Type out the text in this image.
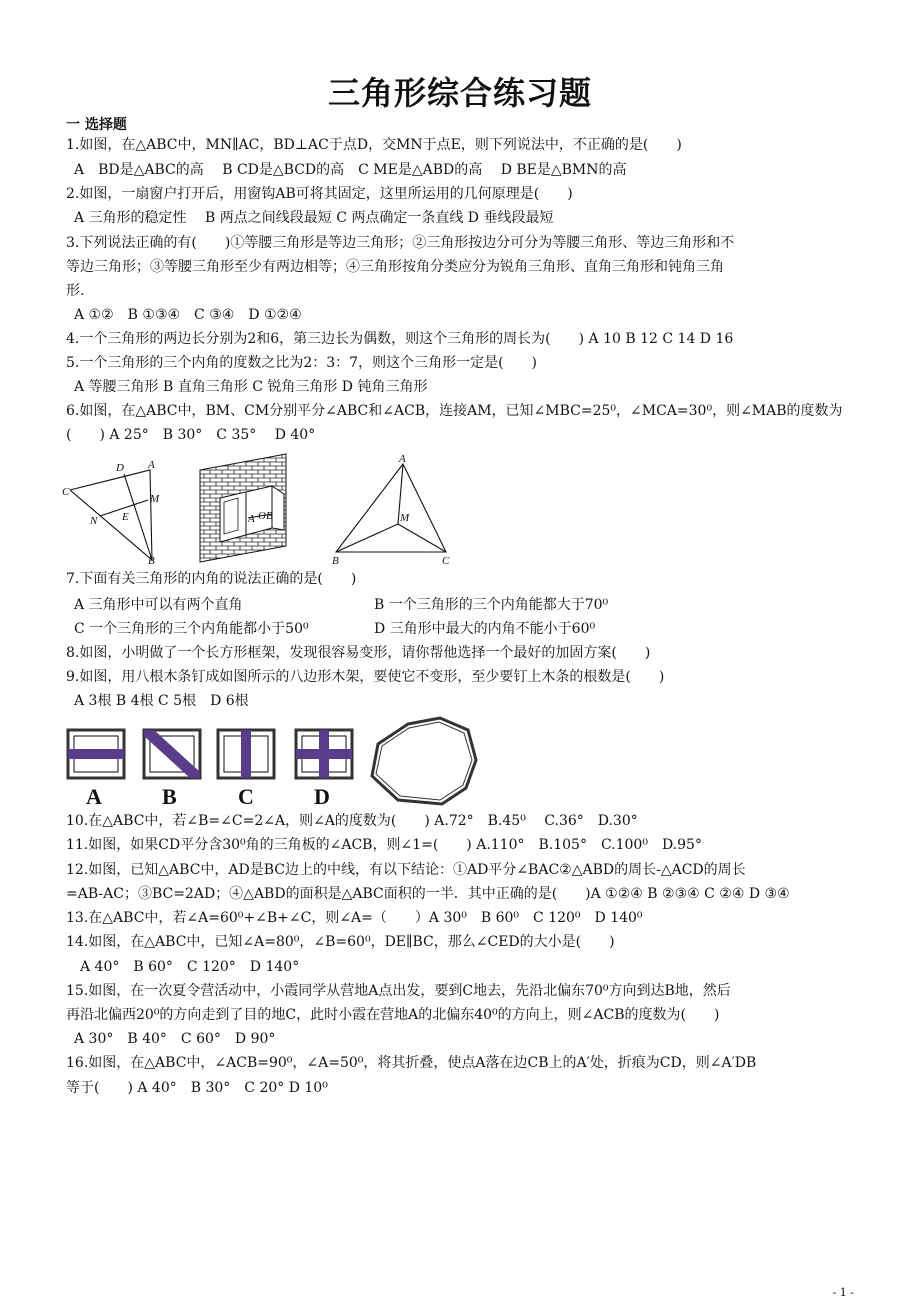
三角形综合练习题
一 选择题
1.如图，在△ABC中，MN∥AC，BD⊥AC于点D，交MN于点E，则下列说法中，不正确的是(　　)
A　BD是△ABC的高　 B CD是△BCD的高　C ME是△ABD的高　 D BE是△BMN的高
2.如图，一扇窗户打开后，用窗钩AB可将其固定，这里所运用的几何原理是(　　)
A 三角形的稳定性　 B 两点之间线段最短 C 两点确定一条直线 D 垂线段最短
3.下列说法正确的有(　　)①等腰三角形是等边三角形；②三角形按边分可分为等腰三角形、等边三角形和不
等边三角形；③等腰三角形至少有两边相等；④三角形按角分类应分为锐角三角形、直角三角形和钝角三角
形.
A ①②　B ①③④　C ③④　D ①②④
4.一个三角形的两边长分别为2和6，第三边长为偶数，则这个三角形的周长为(　　) A 10 B 12 C 14 D 16
5.一个三角形的三个内角的度数之比为2：3：7，则这个三角形一定是(　　)
A 等腰三角形 B 直角三角形 C 锐角三角形 D 钝角三角形
6.如图，在△ABC中，BM、CM分别平分∠ABC和∠ACB，连接AM，已知∠MBC=25⁰，∠MCA=30⁰，则∠MAB的度数为
(　　) A 25°　B 30°　C 35°　 D 40°
D A
C
M
E
N
B
A O B
A
M
B	C
7.下面有关三角形的内角的说法正确的是(　　)
A 三角形中可以有两个直角	B 一个三角形的三个内角能都大于70⁰
C 一个三角形的三个内角能都小于50⁰	D 三角形中最大的内角不能小于60⁰
8.如图，小明做了一个长方形框架，发现很容易变形，请你帮他选择一个最好的加固方案(　　)
9.如图，用八根木条钉成如图所示的八边形木架，要使它不变形，至少要钉上木条的根数是(　　)
A 3根 B 4根 C 5根　D 6根
A	B	C	D
10.在△ABC中，若∠B=∠C=2∠A，则∠A的度数为(　　) A.72°　B.45⁰　 C.36°　D.30°
11.如图，如果CD平分含30⁰角的三角板的∠ACB，则∠1=(　　) A.110°　B.105°　C.100⁰　D.95°
12.如图，已知△ABC中，AD是BC边上的中线，有以下结论：①AD平分∠BAC②△ABD的周长-△ACD的周长
=AB-AC；③BC=2AD；④△ABD的面积是△ABC面积的一半．其中正确的是(　　)A ①②④ B ②③④ C ②④ D ③④
13.在△ABC中，若∠A=60⁰+∠B+∠C，则∠A=（　　）A 30⁰　B 60⁰　C 120⁰　D 140⁰
14.如图，在△ABC中，已知∠A=80⁰，∠B=60⁰，DE∥BC，那么∠CED的大小是(　　)
A 40°　B 60°　C 120°　D 140°
15.如图，在一次夏令营活动中，小霞同学从营地A点出发，要到C地去，先沿北偏东70⁰方向到达B地，然后
再沿北偏西20⁰的方向走到了目的地C，此时小霞在营地A的北偏东40⁰的方向上，则∠ACB的度数为(　　)
A 30°　B 40°　C 60°　D 90°
16.如图，在△ABC中，∠ACB=90⁰，∠A=50⁰，将其折叠，使点A落在边CB上的A′处，折痕为CD，则∠A′DB
等于(　　) A 40°　B 30°　C 20° D 10⁰
- 1 -
